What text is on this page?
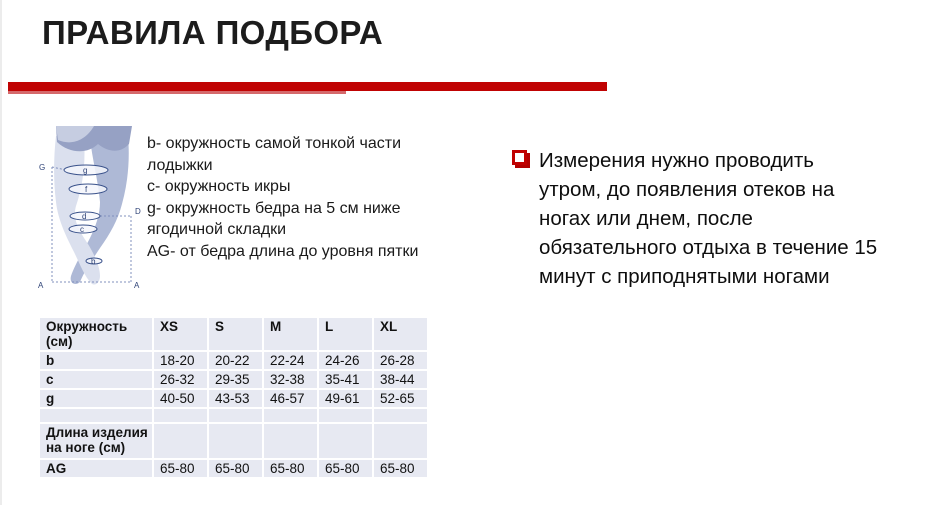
ПРАВИЛА ПОДБОРА
G
D
A	A
g
f
d
c
b
b- окружность самой тонкой части лодыжки
c- окружность икры
g- окружность бедра на 5 см ниже ягодичной складки
AG- от бедра длина до уровня пятки
Измерения нужно проводить
утром, до появления отеков на
ногах или днем, после
обязательного отдыха в течение 15
минут с приподнятыми ногами
Окружность (см)	XS	S	M	L	XL
b	18-20	20-22	22-24	24-26	26-28
c	26-32	29-35	32-38	35-41	38-44
g	40-50	43-53	46-57	49-61	52-65

Длина изделия на ноге (см)					
AG	65-80	65-80	65-80	65-80	65-80
